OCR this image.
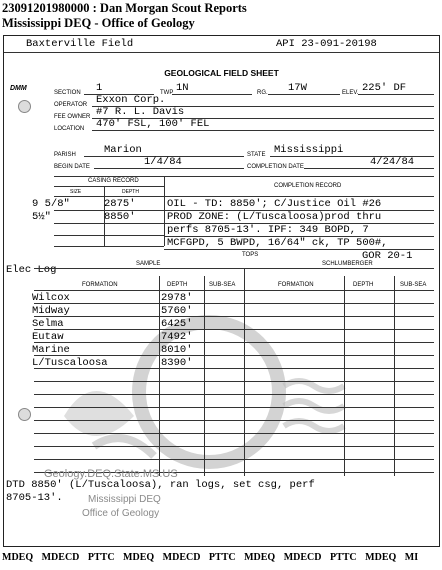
23091201980000 : Dan Morgan Scout Reports
Mississippi DEQ - Office of Geology
Baxterville Field	API 23-091-20198
DMM
GEOLOGICAL FIELD SHEET
SECTION 1	TWP 1N	RG. 17W	ELEV. 225' DF
OPERATOR Exxon Corp.
FEE OWNER #7 R. L. Davis
LOCATION 470' FSL, 100' FEL
PARISH	Marion	STATE Mississippi
BEGIN DATE	1/4/84	COMPLETION DATE	4/24/84
CASING RECORD
SIZE	DEPTH
COMPLETION RECORD
9 5/8"	2875'
5½"	8850'
OIL - TD: 8850'; C/Justice Oil #26
PROD ZONE: (L/Tuscaloosa)prod thru
perfs 8705-13'. IPF: 349 BOPD, 7
MCFGPD, 5 BWPD, 16/64" ck, TP 500#,
GOR 20-1
TOPS
Elec Log	SAMPLE	SCHLUMBERGER
FORMATION	DEPTH	SUB-SEA	FORMATION	DEPTH	SUB-SEA
Wilcox	2978'
Midway	5760'
Selma	6425'
Eutaw	7492'
Marine	8010'
L/Tuscaloosa	8390'
Geology.DEQ.State.MS.US
Mississippi DEQ
Office of Geology
DTD 8850' (L/Tuscaloosa), ran logs, set csg, perf
8705-13'.
MDEQ MDECD PTTC MDEQ MDECD PTTC MDEQ MDECD PTTC MDEQ MI
